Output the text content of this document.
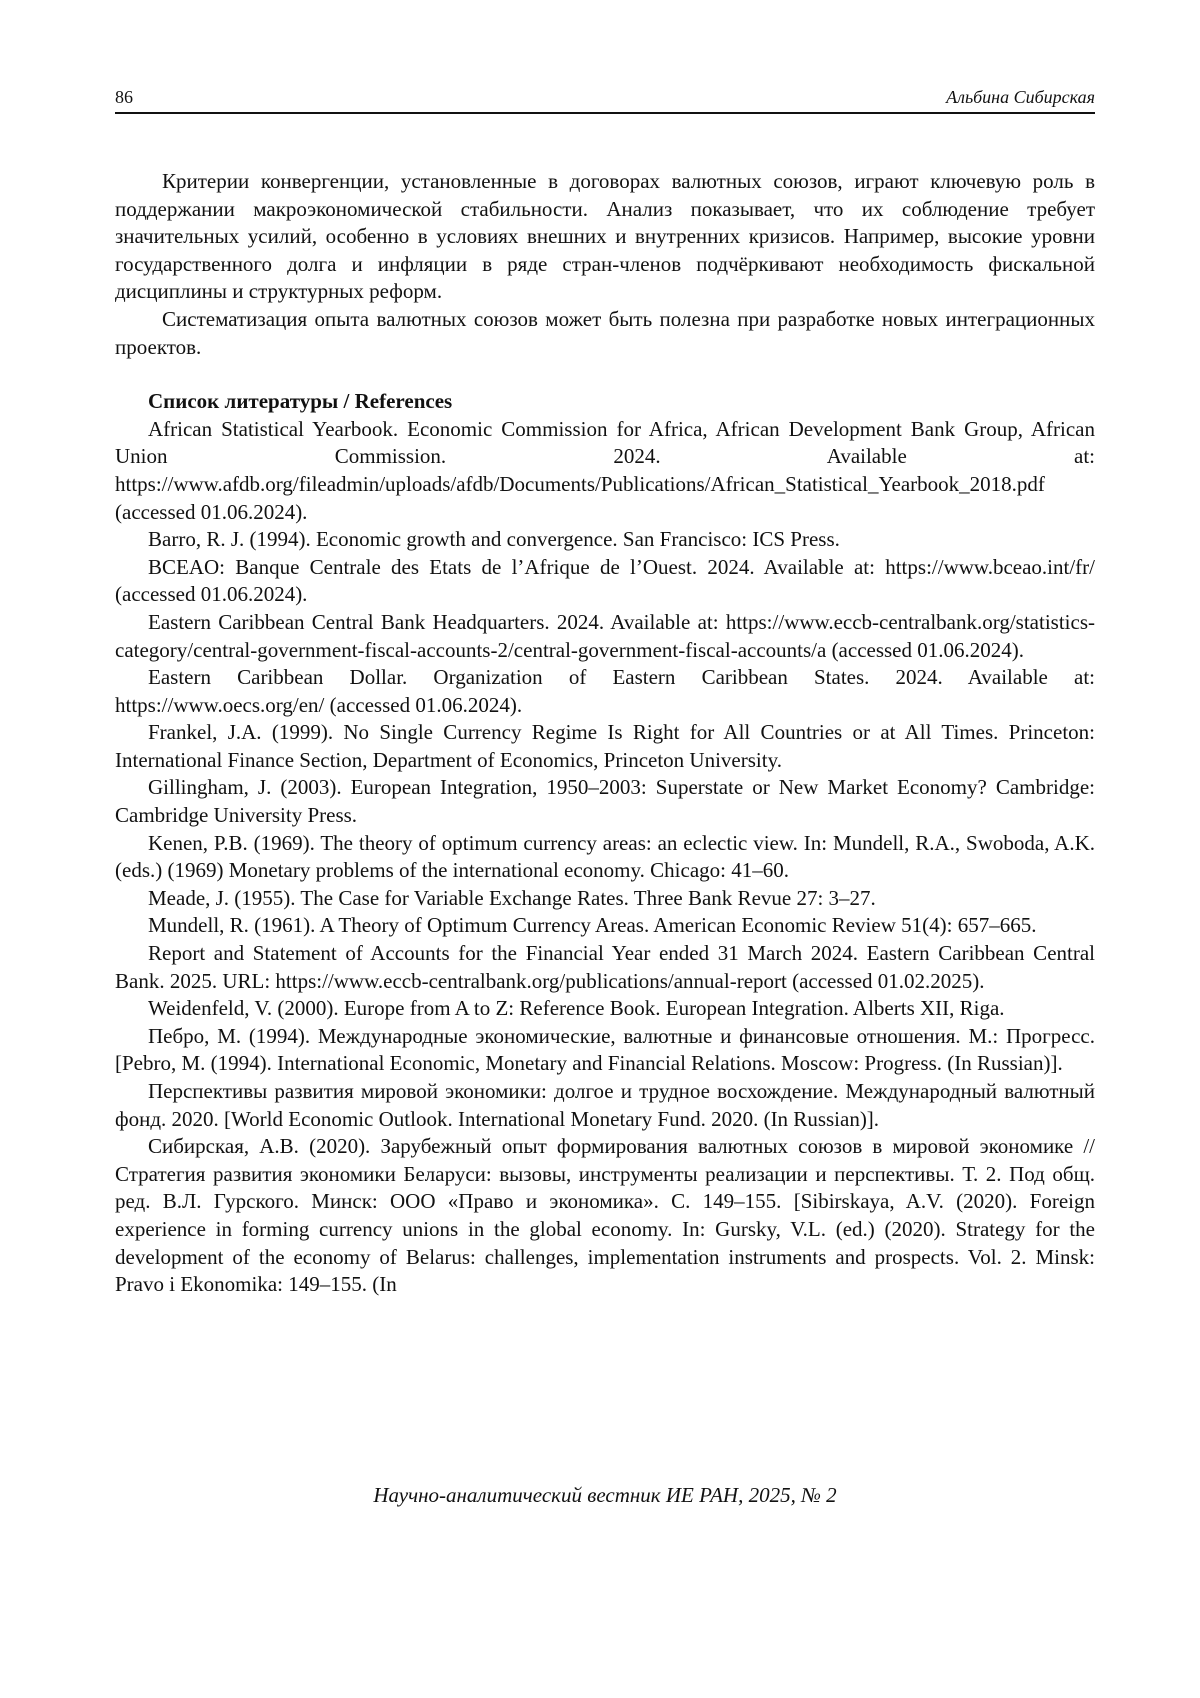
86	Альбина Сибирская

Критерии конвергенции, установленные в договорах валютных союзов, играют ключевую роль в поддержании макроэкономической стабильности. Анализ показывает, что их соблюдение требует значительных усилий, особенно в условиях внешних и внутренних кризисов. Например, высокие уровни государственного долга и инфляции в ряде стран-членов подчёркивают необходимость фискальной дисциплины и структурных реформ.

Систематизация опыта валютных союзов может быть полезна при разработке новых интеграционных проектов.

Список литературы / References

African Statistical Yearbook. Economic Commission for Africa, African Development Bank Group, African Union Commission. 2024. Available at: https://www.afdb.org/fileadmin/uploads/afdb/Documents/Publications/African_Statistical_Yearbook_2018.pdf (accessed 01.06.2024).

Barro, R. J. (1994). Economic growth and convergence. San Francisco: ICS Press.

BCEAO: Banque Centrale des Etats de l’Afrique de l’Ouest. 2024. Available at: https://www.bceao.int/fr/ (accessed 01.06.2024).

Eastern Caribbean Central Bank Headquarters. 2024. Available at: https://www.eccb-centralbank.org/statistics-category/central-government-fiscal-accounts-2/central-government-fiscal-accounts/a (accessed 01.06.2024).

Eastern Caribbean Dollar. Organization of Eastern Caribbean States. 2024. Available at: https://www.oecs.org/en/ (accessed 01.06.2024).

Frankel, J.A. (1999). No Single Currency Regime Is Right for All Countries or at All Times. Princeton: International Finance Section, Department of Economics, Princeton University.

Gillingham, J. (2003). European Integration, 1950–2003: Superstate or New Market Economy? Cambridge: Cambridge University Press.

Kenen, P.B. (1969). The theory of optimum currency areas: an eclectic view. In: Mundell, R.A., Swoboda, A.K. (eds.) (1969) Monetary problems of the international economy. Chicago: 41–60.

Meade, J. (1955). The Case for Variable Exchange Rates. Three Bank Revue 27: 3–27.

Mundell, R. (1961). A Theory of Optimum Currency Areas. American Economic Review 51(4): 657–665.

Report and Statement of Accounts for the Financial Year ended 31 March 2024. Eastern Caribbean Central Bank. 2025. URL: https://www.eccb-centralbank.org/publications/annual-report (accessed 01.02.2025).

Weidenfeld, V. (2000). Europe from A to Z: Reference Book. European Integration. Alberts XII, Riga.

Пебро, М. (1994). Международные экономические, валютные и финансовые отношения. М.: Прогресс. [Pebro, M. (1994). International Economic, Monetary and Financial Relations. Moscow: Progress. (In Russian)].

Перспективы развития мировой экономики: долгое и трудное восхождение. Международный валютный фонд. 2020. [World Economic Outlook. International Monetary Fund. 2020. (In Russian)].

Сибирская, А.В. (2020). Зарубежный опыт формирования валютных союзов в мировой экономике // Стратегия развития экономики Беларуси: вызовы, инструменты реализации и перспективы. Т. 2. Под общ. ред. В.Л. Гурского. Минск: ООО «Право и экономика». С. 149–155. [Sibirskaya, A.V. (2020). Foreign experience in forming currency unions in the global economy. In: Gursky, V.L. (ed.) (2020). Strategy for the development of the economy of Belarus: challenges, implementation instruments and prospects. Vol. 2. Minsk: Pravo i Ekonomika: 149–155. (In

Научно-аналитический вестник ИЕ РАН, 2025, № 2
